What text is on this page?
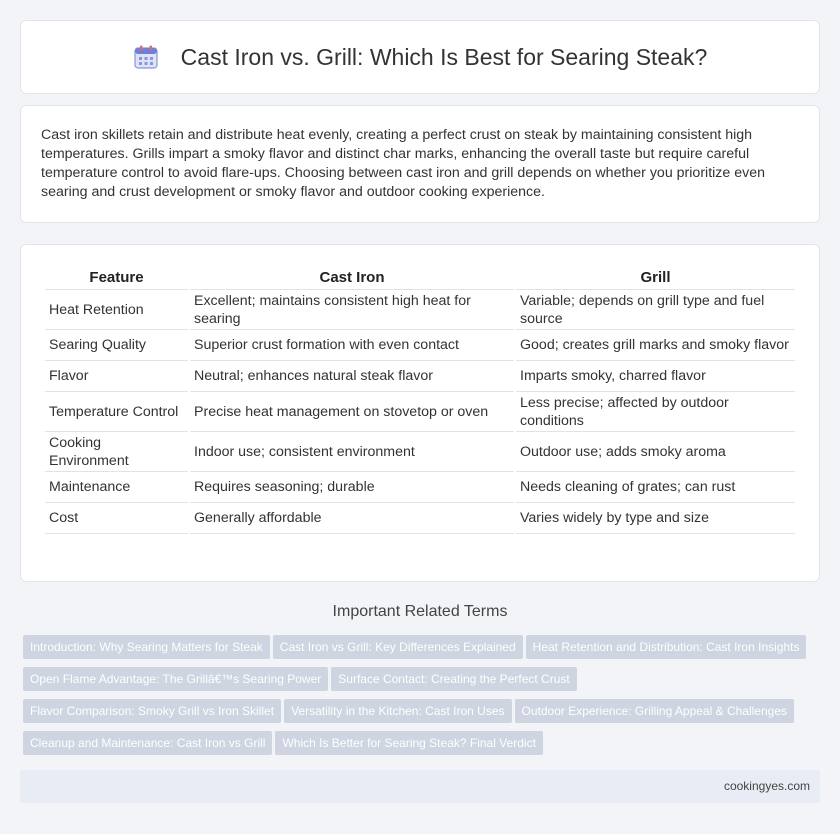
Cast Iron vs. Grill: Which Is Best for Searing Steak?

Cast iron skillets retain and distribute heat evenly, creating a perfect crust on steak by maintaining consistent high temperatures. Grills impart a smoky flavor and distinct char marks, enhancing the overall taste but require careful temperature control to avoid flare-ups. Choosing between cast iron and grill depends on whether you prioritize even searing and crust development or smoky flavor and outdoor cooking experience.

Feature	Cast Iron	Grill
Heat Retention	Excellent; maintains consistent high heat for searing	Variable; depends on grill type and fuel source
Searing Quality	Superior crust formation with even contact	Good; creates grill marks and smoky flavor
Flavor	Neutral; enhances natural steak flavor	Imparts smoky, charred flavor
Temperature Control	Precise heat management on stovetop or oven	Less precise; affected by outdoor conditions
Cooking Environment	Indoor use; consistent environment	Outdoor use; adds smoky aroma
Maintenance	Requires seasoning; durable	Needs cleaning of grates; can rust
Cost	Generally affordable	Varies widely by type and size
Important Related Terms
Introduction: Why Searing Matters for Steak Cast Iron vs Grill: Key Differences Explained Heat Retention and Distribution: Cast Iron InsightsOpen Flame Advantage: The Grillâ€™s Searing Power Surface Contact: Creating the Perfect CrustFlavor Comparison: Smoky Grill vs Iron Skillet Versatility in the Kitchen: Cast Iron Uses Outdoor Experience: Grilling Appeal & ChallengesCleanup and Maintenance: Cast Iron vs Grill Which Is Better for Searing Steak? Final Verdict
cookingyes.com
